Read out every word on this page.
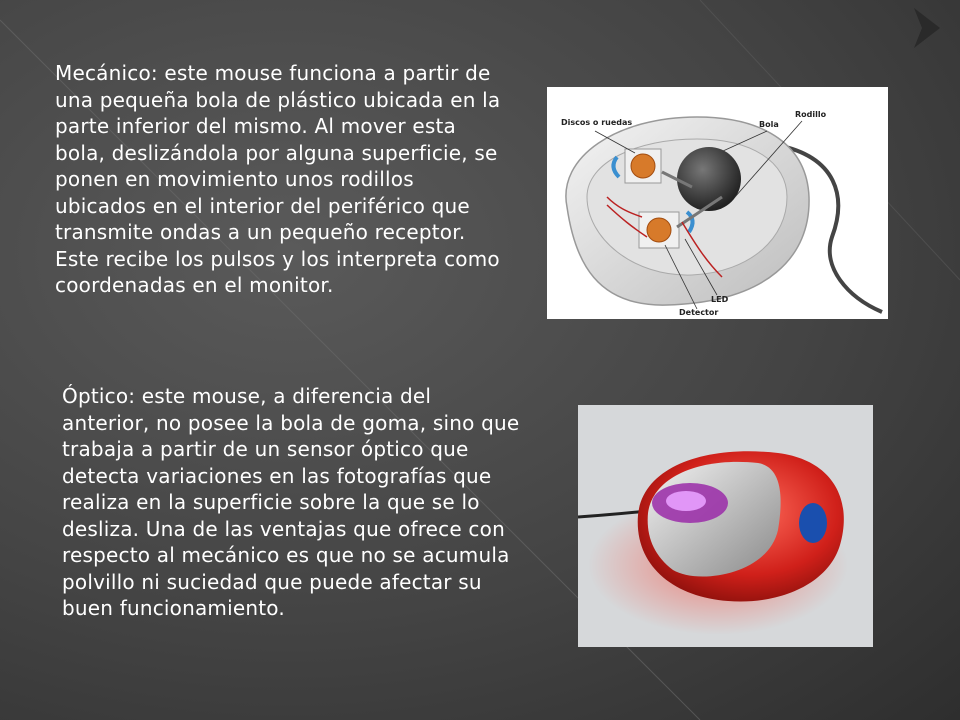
Mecánico: este mouse funciona a partir de una pequeña bola de plástico ubicada en la parte inferior del mismo. Al mover esta bola, deslizándola por alguna superficie, se ponen en movimiento unos rodillos ubicados en el interior del periférico que transmite ondas a un pequeño receptor. Este recibe los pulsos y los interpreta como coordenadas en el monitor.

Discos o ruedas	Bola
Rodillo
LED
Detector

Óptico: este mouse, a diferencia del anterior, no posee la bola de goma, sino que trabaja a partir de un sensor óptico que detecta variaciones en las fotografías que realiza en la superficie sobre la que se lo desliza. Una de las ventajas que ofrece con respecto al mecánico es que no se acumula polvillo ni suciedad que puede afectar su buen funcionamiento.
